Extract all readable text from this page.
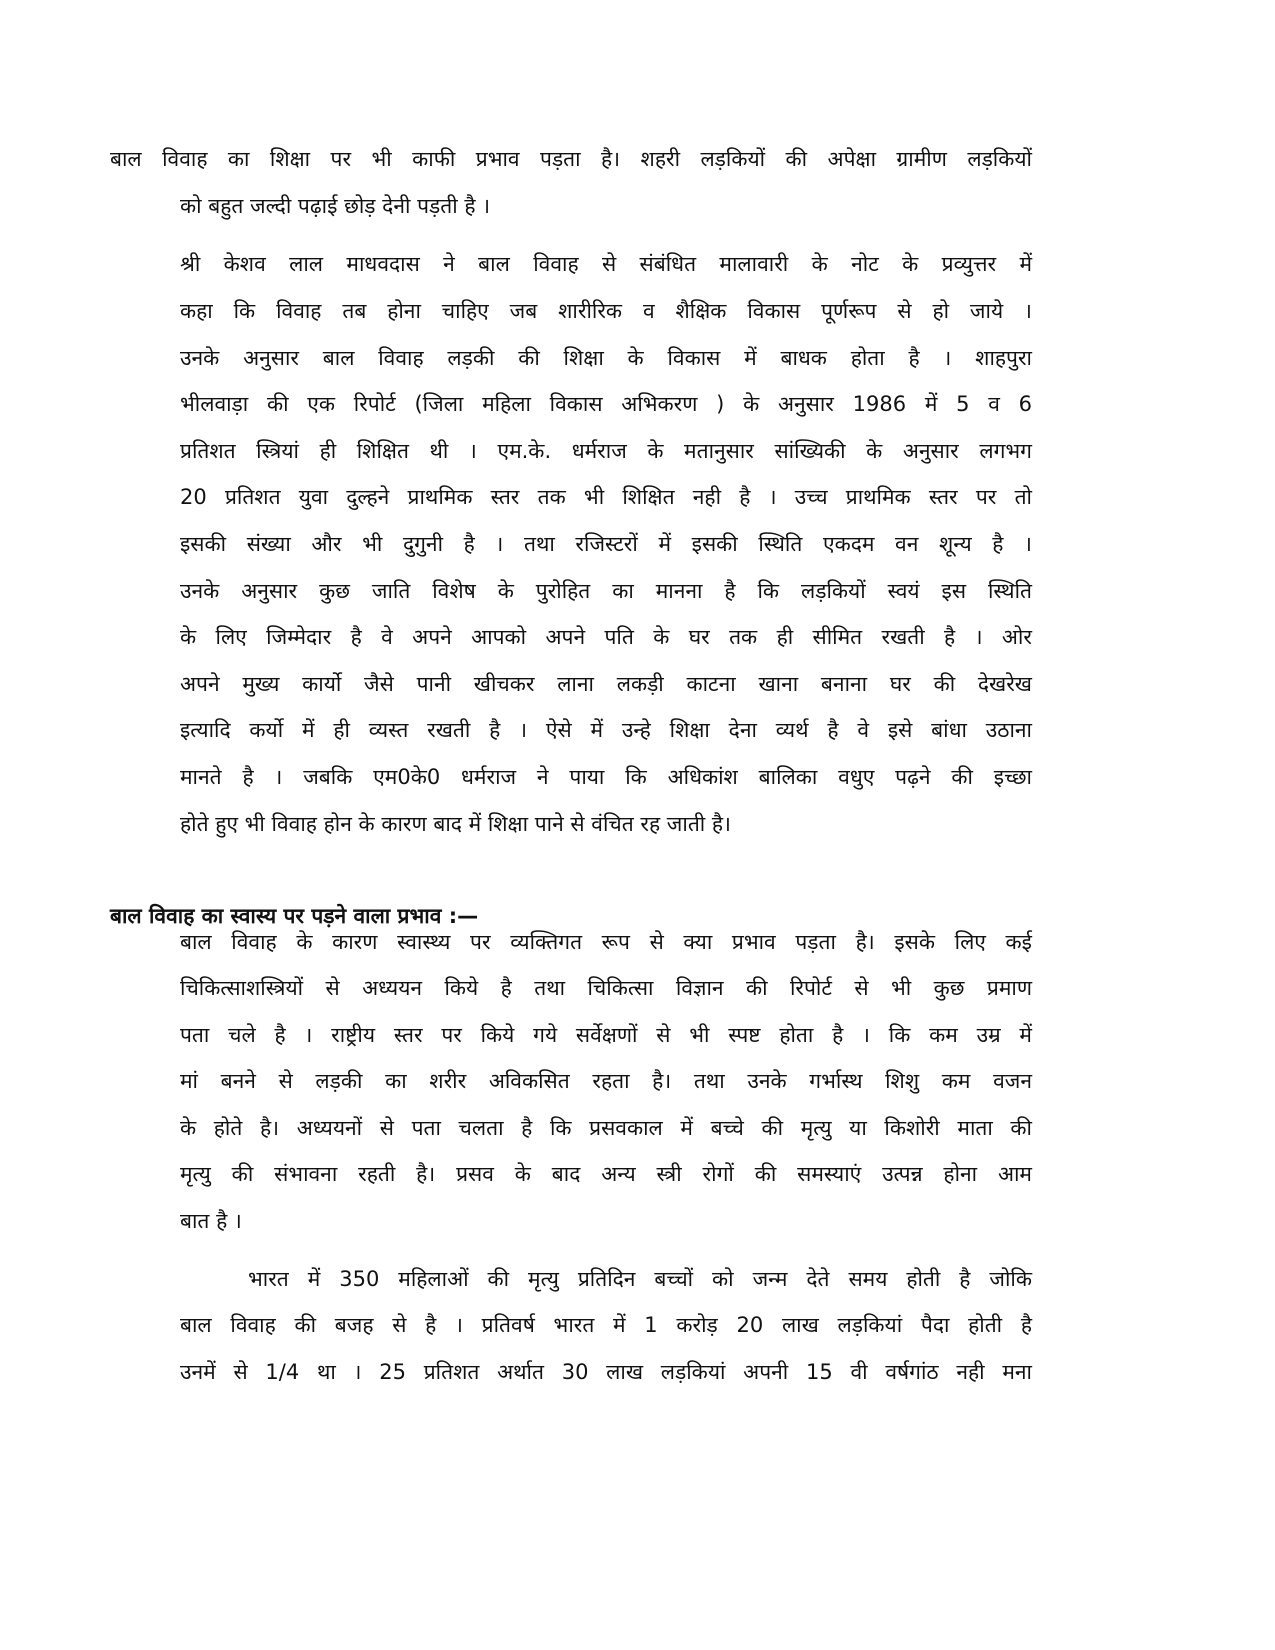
बाल विवाह का शिक्षा पर भी काफी प्रभाव पड़ता है। शहरी लड़कियों की अपेक्षा ग्रामीण लड़कियों
को बहुत जल्दी पढ़ाई छोड़ देनी पड़ती है ।
श्री केशव लाल माधवदास ने बाल विवाह से संबंधित मालावारी के नोट के प्रव्युत्तर में
कहा कि विवाह तब होना चाहिए जब शारीरिक व शैक्षिक विकास पूर्णरूप से हो जाये ।
उनके अनुसार बाल विवाह लड़की की शिक्षा के विकास में बाधक होता है । शाहपुरा
भीलवाड़ा की एक रिपोर्ट (जिला महिला विकास अभिकरण ) के अनुसार 1986 में 5 व 6
प्रतिशत स्त्रियां ही शिक्षित थी । एम.के. धर्मराज के मतानुसार सांख्यिकी के अनुसार लगभग
20 प्रतिशत युवा दुल्हने प्राथमिक स्तर तक भी शिक्षित नही है । उच्च प्राथमिक स्तर पर तो
इसकी संख्या और भी दुगुनी है । तथा रजिस्टरों में इसकी स्थिति एकदम वन शून्य है ।
उनके अनुसार कुछ जाति विशेष के पुरोहित का मानना है कि लड़कियों स्वयं इस स्थिति
के लिए जिम्मेदार है वे अपने आपको अपने पति के घर तक ही सीमित रखती है । ओर
अपने मुख्य कार्यो जैसे पानी खीचकर लाना लकड़ी काटना खाना बनाना घर की देखरेख
इत्यादि कर्यो में ही व्यस्त रखती है । ऐसे में उन्हे शिक्षा देना व्यर्थ है वे इसे बांधा उठाना
मानते है । जबकि एम0के0 धर्मराज ने पाया कि अधिकांश बालिका वधुए पढ़ने की इच्छा
होते हुए भी विवाह होन के कारण बाद में शिक्षा पाने से वंचित रह जाती है।
बाल विवाह का स्वास्य पर पड़ने वाला प्रभाव :—
बाल विवाह के कारण स्वास्थ्य पर व्यक्तिगत रूप से क्या प्रभाव पड़ता है। इसके लिए कई
चिकित्साशस्त्रियों से अध्ययन किये है तथा चिकित्सा विज्ञान की रिपोर्ट से भी कुछ प्रमाण
पता चले है । राष्ट्रीय स्तर पर किये गये सर्वेक्षणों से भी स्पष्ट होता है । कि कम उम्र में
मां बनने से लड़की का शरीर अविकसित रहता है। तथा उनके गर्भास्थ शिशु कम वजन
के होते है। अध्ययनों से पता चलता है कि प्रसवकाल में बच्चे की मृत्यु या किशोरी माता की
मृत्यु की संभावना रहती है। प्रसव के बाद अन्य स्त्री रोगों की समस्याएं उत्पन्न होना आम
बात है ।
भारत में 350 महिलाओं की मृत्यु प्रतिदिन बच्चों को जन्म देते समय होती है जोकि
बाल विवाह की बजह से है । प्रतिवर्ष भारत में 1 करोड़ 20 लाख लड़कियां पैदा होती है
उनमें से 1/4 था । 25 प्रतिशत अर्थात 30 लाख लड़कियां अपनी 15 वी वर्षगांठ नही मना
